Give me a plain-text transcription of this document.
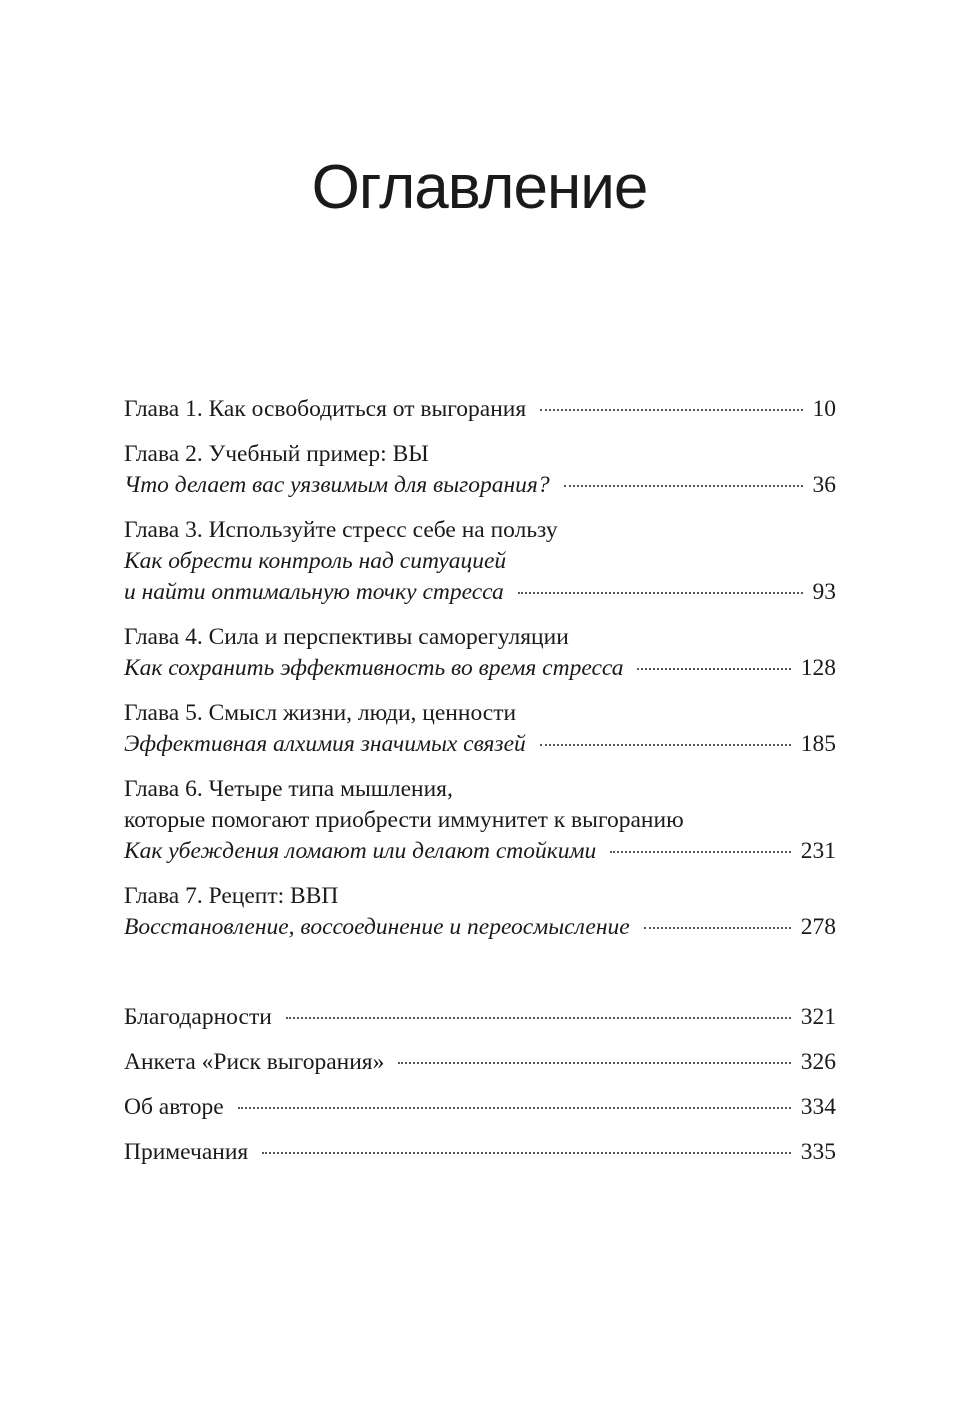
Оглавление
Глава 1. Как освободиться от выгорания	10
Глава 2. Учебный пример: ВЫ
Что делает вас уязвимым для выгорания?	36
Глава 3. Используйте стресс себе на пользу
Как обрести контроль над ситуацией
и найти оптимальную точку стресса	93
Глава 4. Сила и перспективы саморегуляции
Как сохранить эффективность во время стресса	128
Глава 5. Смысл жизни, люди, ценности
Эффективная алхимия значимых связей	185
Глава 6. Четыре типа мышления,
которые помогают приобрести иммунитет к выгоранию
Как убеждения ломают или делают стойкими	231
Глава 7. Рецепт: ВВП
Восстановление, воссоединение и переосмысление	278
Благодарности	321
Анкета «Риск выгорания»	326
Об авторе	334
Примечания	335
